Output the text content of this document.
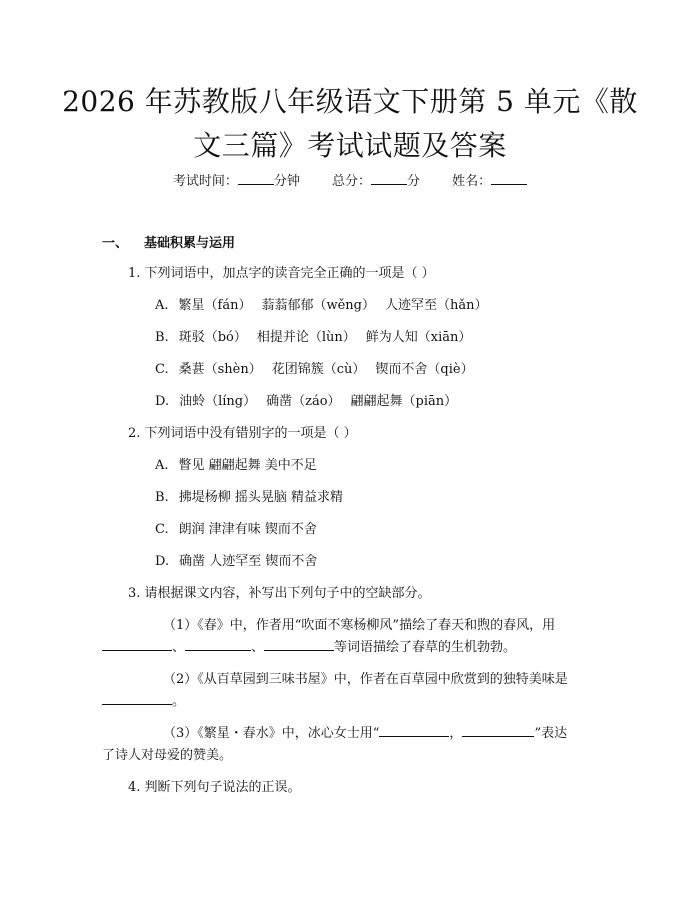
2026 年苏教版八年级语文下册第 5 单元《散
文三篇》考试试题及答案
考试时间：	分钟 总分：	分 姓名：
一、 基础积累与运用
1. 下列词语中，加点字的读音完全正确的一项是（ ）
A. 繁星（fán） 蓊蓊郁郁（wěng） 人迹罕至（hǎn）
B. 斑驳（bó） 相提并论（lùn） 鲜为人知（xiān）
C. 桑葚（shèn） 花团锦簇（cù） 锲而不舍（qiè）
D. 油蛉（líng） 确凿（záo） 翩翩起舞（piān）
2. 下列词语中没有错别字的一项是（ ）
A. 瞥见 翩翩起舞 美中不足
B. 拂堤杨柳 摇头晃脑 精益求精
C. 朗润 津津有味 锲而不舍
D. 确凿 人迹罕至 锲而不舍
3. 请根据课文内容，补写出下列句子中的空缺部分。
（1）《春》中，作者用“吹面不寒杨柳风”描绘了春天和煦的春风，用
、	、	等词语描绘了春草的生机勃勃。
（2）《从百草园到三味书屋》中，作者在百草园中欣赏到的独特美味是
。
（3）《繁星・春水》中，冰心女士用“	，	”表达
了诗人对母爱的赞美。
4. 判断下列句子说法的正误。
